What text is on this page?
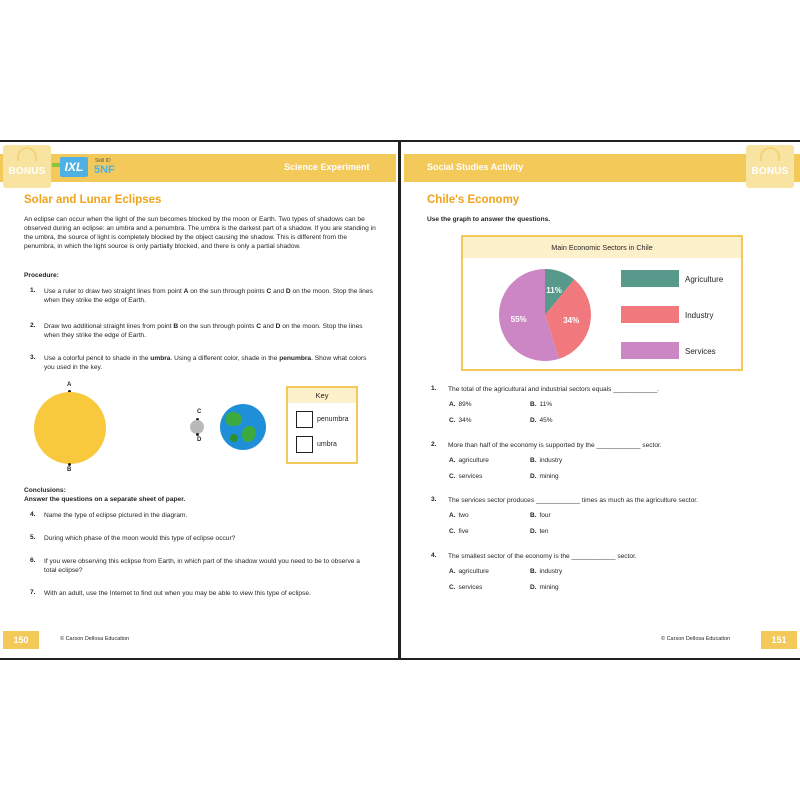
BONUS	IXL	Skill ID
5NF	Science Experiment
Solar and Lunar Eclipses
An eclipse can occur when the light of the sun becomes blocked by the moon or Earth. Two types of shadows can be observed during an eclipse: an umbra and a penumbra. The umbra is the darkest part of a shadow. If you are standing in the umbra, the source of light is completely blocked by the object causing the shadow. This is different from the penumbra, in which the light source is only partially blocked, and there is only a partial shadow.
Procedure:
1. Use a ruler to draw two straight lines from point A on the sun through points C and D on the moon. Stop the lines when they strike the edge of Earth.
2. Draw two additional straight lines from point B on the sun through points C and D on the moon. Stop the lines when they strike the edge of Earth.
3. Use a colorful pencil to shade in the umbra. Using a different color, shade in the penumbra. Show what colors you used in the key.
A
B
C
D
Key
penumbra
umbra
Conclusions:
Answer the questions on a separate sheet of paper.
4. Name the type of eclipse pictured in the diagram.
5. During which phase of the moon would this type of eclipse occur?
6. If you were observing this eclipse from Earth, in which part of the shadow would you need to be to observe a total eclipse?
7. With an adult, use the Internet to find out when you may be able to view this type of eclipse.
150	© Carson Dellosa Education
Social Studies Activity	BONUS
Chile's Economy
Use the graph to answer the questions.
Main Economic Sectors in Chile
11%
34%
55%
Agriculture
Industry
Services
1. The total of the agricultural and industrial sectors equals ____________.
A. 89%	B. 11%
C. 34%	D. 45%
2. More than half of the economy is supported by the ____________ sector.
A. agriculture	B. industry
C. services	D. mining
3. The services sector produces ____________ times as much as the agriculture sector.
A. two	B. four
C. five	D. ten
4. The smallest sector of the economy is the ____________ sector.
A. agriculture	B. industry
C. services	D. mining
© Carson Dellosa Education	151
